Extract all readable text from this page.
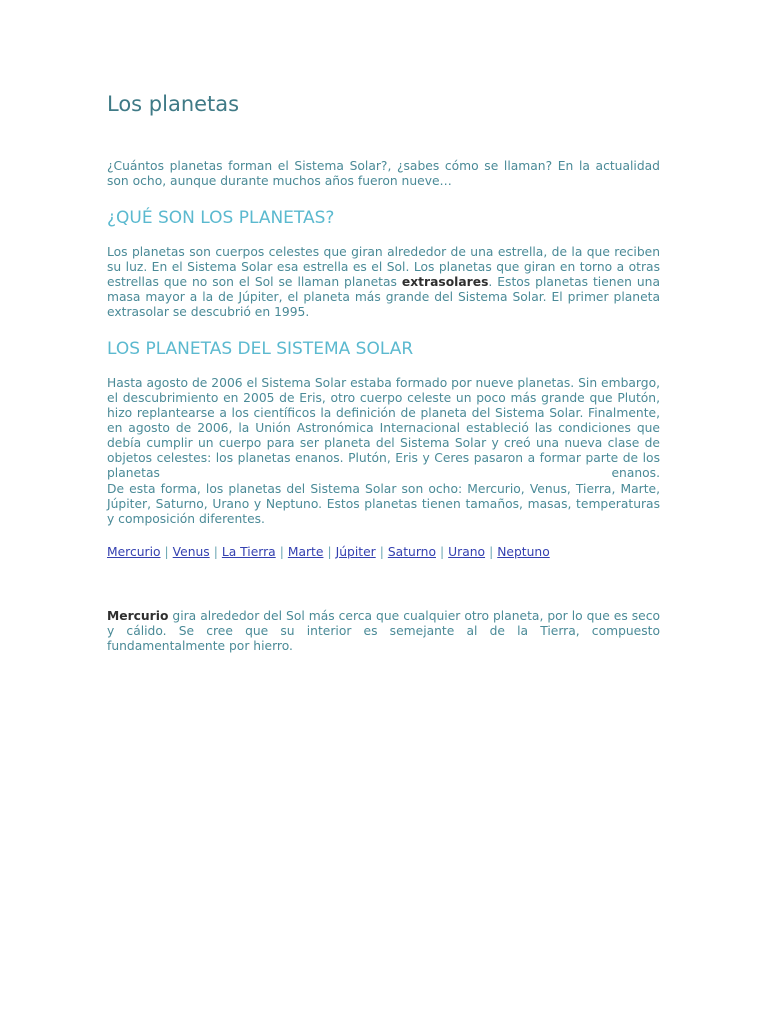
Los planetas

¿Cuántos planetas forman el Sistema Solar?, ¿sabes cómo se llaman? En la actualidad son ocho, aunque durante muchos años fueron nueve…

¿QUÉ SON LOS PLANETAS?

Los planetas son cuerpos celestes que giran alrededor de una estrella, de la que reciben su luz. En el Sistema Solar esa estrella es el Sol. Los planetas que giran en torno a otras estrellas que no son el Sol se llaman planetas extrasolares. Estos planetas tienen una masa mayor a la de Júpiter, el planeta más grande del Sistema Solar. El primer planeta extrasolar se descubrió en 1995.

LOS PLANETAS DEL SISTEMA SOLAR

Hasta agosto de 2006 el Sistema Solar estaba formado por nueve planetas. Sin embargo, el descubrimiento en 2005 de Eris, otro cuerpo celeste un poco más grande que Plutón, hizo replantearse a los científicos la definición de planeta del Sistema Solar. Finalmente, en agosto de 2006, la Unión Astronómica Internacional estableció las condiciones que debía cumplir un cuerpo para ser planeta del Sistema Solar y creó una nueva clase de objetos celestes: los planetas enanos. Plutón, Eris y Ceres pasaron a formar parte de los planetas enanos.

De esta forma, los planetas del Sistema Solar son ocho: Mercurio, Venus, Tierra, Marte, Júpiter, Saturno, Urano y Neptuno. Estos planetas tienen tamaños, masas, temperaturas y composición diferentes.

Mercurio | Venus | La Tierra | Marte | Júpiter | Saturno | Urano | Neptuno

Mercurio gira alrededor del Sol más cerca que cualquier otro planeta, por lo que es seco y cálido. Se cree que su interior es semejante al de la Tierra, compuesto fundamentalmente por hierro.
